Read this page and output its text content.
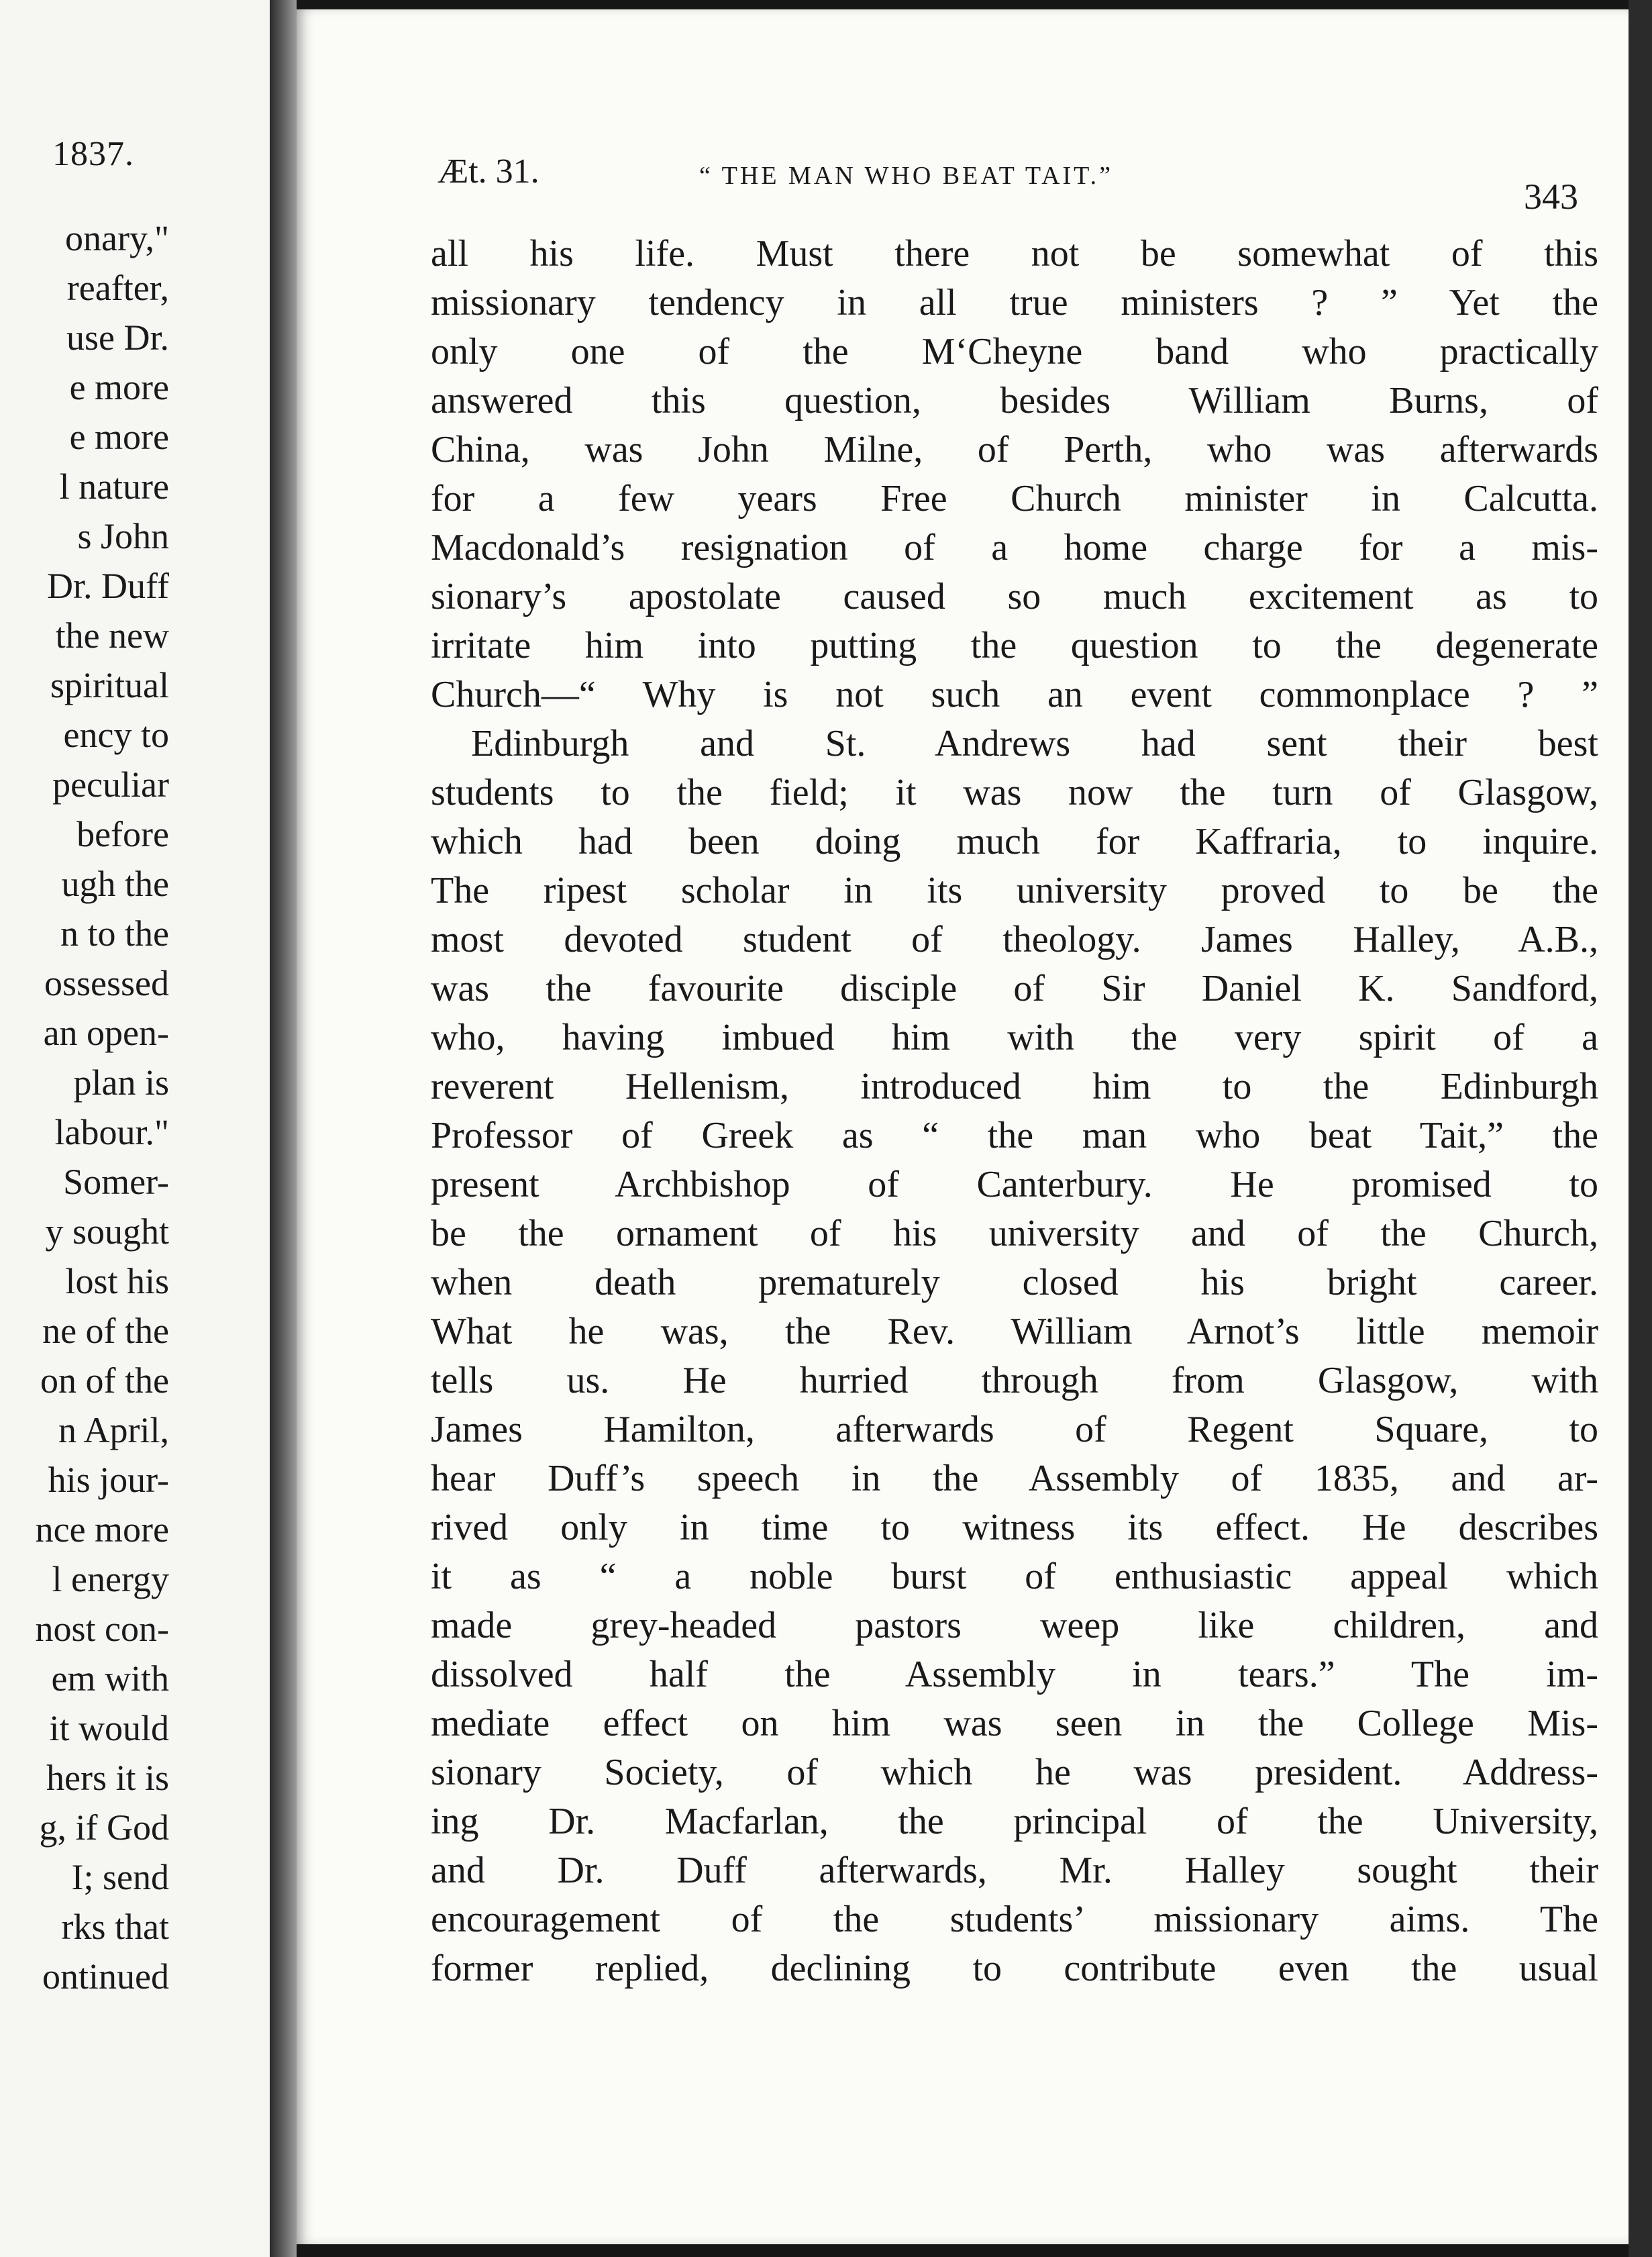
1837.
onary,"
reafter,
use Dr.
e more
e more
l nature
s John
Dr. Duff
the new
spiritual
ency to
peculiar
before
ugh the
n to the
ossessed
an open-
plan is
labour."
Somer-
y sought
lost his
ne of the
on of the
n April,
his jour-
nce more
l energy
nost con-
em with
it would
hers it is
g, if God
I; send
rks that
ontinued
Æt. 31.	“ THE MAN WHO BEAT TAIT.”
343
all his life. Must there not be somewhat of this
missionary tendency in all true ministers ? ” Yet the
only one of the M‘Cheyne band who practically
answered this question, besides William Burns, of
China, was John Milne, of Perth, who was afterwards
for a few years Free Church minister in Calcutta.
Macdonald’s resignation of a home charge for a mis-
sionary’s apostolate caused so much excitement as to
irritate him into putting the question to the degenerate
Church—“ Why is not such an event commonplace ? ”
Edinburgh and St. Andrews had sent their best
students to the field; it was now the turn of Glasgow,
which had been doing much for Kaffraria, to inquire.
The ripest scholar in its university proved to be the
most devoted student of theology. James Halley, A.B.,
was the favourite disciple of Sir Daniel K. Sandford,
who, having imbued him with the very spirit of a
reverent Hellenism, introduced him to the Edinburgh
Professor of Greek as “ the man who beat Tait,” the
present Archbishop of Canterbury. He promised to
be the ornament of his university and of the Church,
when death prematurely closed his bright career.
What he was, the Rev. William Arnot’s little memoir
tells us. He hurried through from Glasgow, with
James Hamilton, afterwards of Regent Square, to
hear Duff’s speech in the Assembly of 1835, and ar-
rived only in time to witness its effect. He describes
it as “ a noble burst of enthusiastic appeal which
made grey-headed pastors weep like children, and
dissolved half the Assembly in tears.” The im-
mediate effect on him was seen in the College Mis-
sionary Society, of which he was president. Address-
ing Dr. Macfarlan, the principal of the University,
and Dr. Duff afterwards, Mr. Halley sought their
encouragement of the students’ missionary aims. The
former replied, declining to contribute even the usual
